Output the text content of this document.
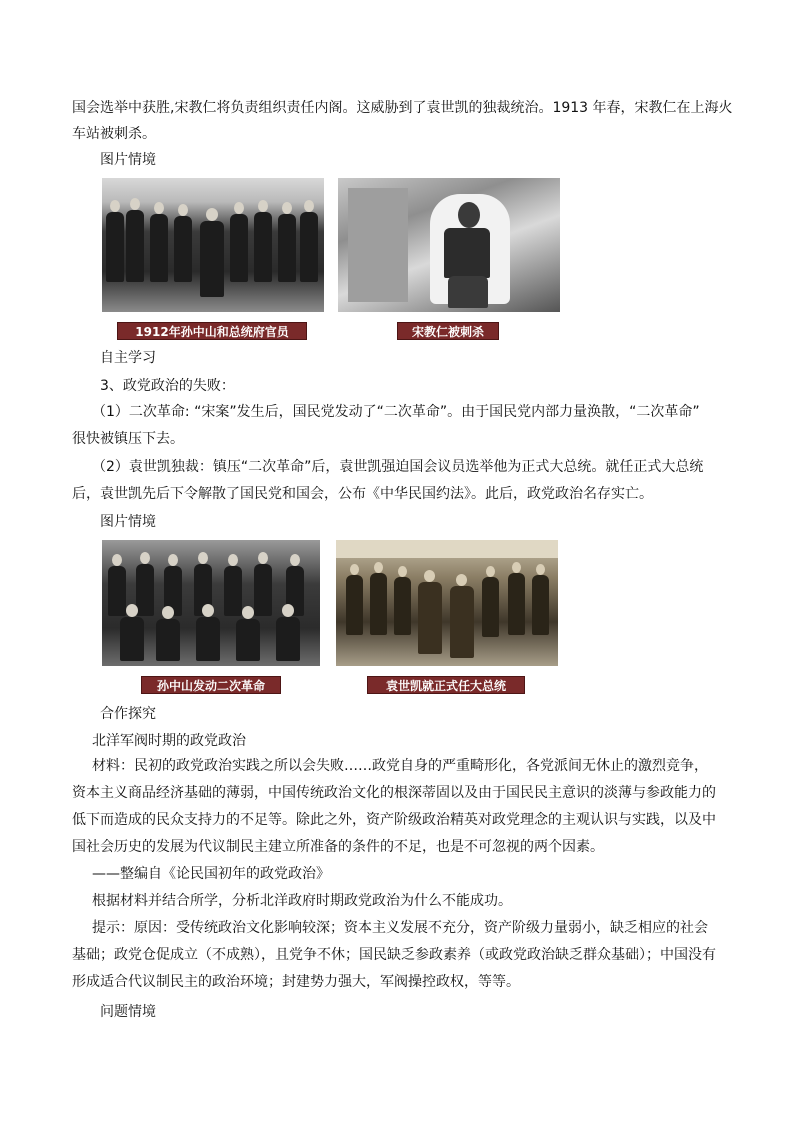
国会选举中获胜,宋教仁将负责组织责任内阁。这威胁到了袁世凯的独裁统治。1913 年春，宋教仁在上海火
车站被刺杀。
图片情境
1912年孙中山和总统府官员	宋教仁被刺杀
自主学习
3、政党政治的失败：
（1）二次革命: “宋案”发生后，国民党发动了“二次革命”。由于国民党内部力量涣散，“二次革命”
很快被镇压下去。
（2）袁世凯独裁：镇压“二次革命”后，袁世凯强迫国会议员选举他为正式大总统。就任正式大总统
后，袁世凯先后下令解散了国民党和国会，公布《中华民国约法》。此后，政党政治名存实亡。
图片情境
孙中山发动二次革命	袁世凯就正式任大总统
合作探究
北洋军阀时期的政党政治
材料：民初的政党政治实践之所以会失败……政党自身的严重畸形化，各党派间无休止的激烈竞争，
资本主义商品经济基础的薄弱，中国传统政治文化的根深蒂固以及由于国民民主意识的淡薄与参政能力的
低下而造成的民众支持力的不足等。除此之外，资产阶级政治精英对政党理念的主观认识与实践，以及中
国社会历史的发展为代议制民主建立所准备的条件的不足，也是不可忽视的两个因素。
——整编自《论民国初年的政党政治》
根据材料并结合所学，分析北洋政府时期政党政治为什么不能成功。
提示：原因：受传统政治文化影响较深；资本主义发展不充分，资产阶级力量弱小，缺乏相应的社会
基础；政党仓促成立（不成熟），且党争不休；国民缺乏参政素养（或政党政治缺乏群众基础）；中国没有
形成适合代议制民主的政治环境；封建势力强大，军阀操控政权，等等。
问题情境
